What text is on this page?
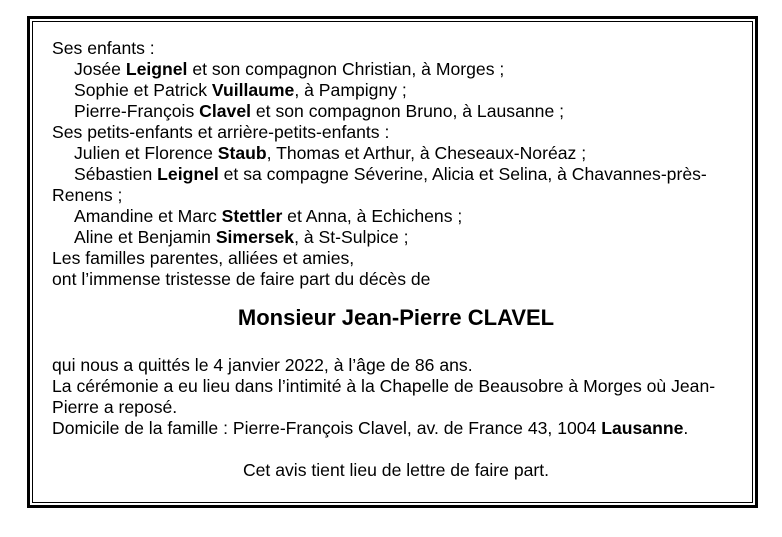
Ses enfants :
Josée Leignel et son compagnon Christian, à Morges ;
Sophie et Patrick Vuillaume, à Pampigny ;
Pierre-François Clavel et son compagnon Bruno, à Lausanne ;
Ses petits-enfants et arrière-petits-enfants :
Julien et Florence Staub, Thomas et Arthur, à Cheseaux-Noréaz ;
Sébastien Leignel et sa compagne Séverine, Alicia et Selina, à Chavannes-près-
Renens ;
Amandine et Marc Stettler et Anna, à Echichens ;
Aline et Benjamin Simersek, à St-Sulpice ;
Les familles parentes, alliées et amies,
ont l’immense tristesse de faire part du décès de
Monsieur Jean-Pierre CLAVEL
qui nous a quittés le 4 janvier 2022, à l’âge de 86 ans.
La cérémonie a eu lieu dans l’intimité à la Chapelle de Beausobre à Morges où Jean-
Pierre a reposé.
Domicile de la famille : Pierre-François Clavel, av. de France 43, 1004 Lausanne.
Cet avis tient lieu de lettre de faire part.
